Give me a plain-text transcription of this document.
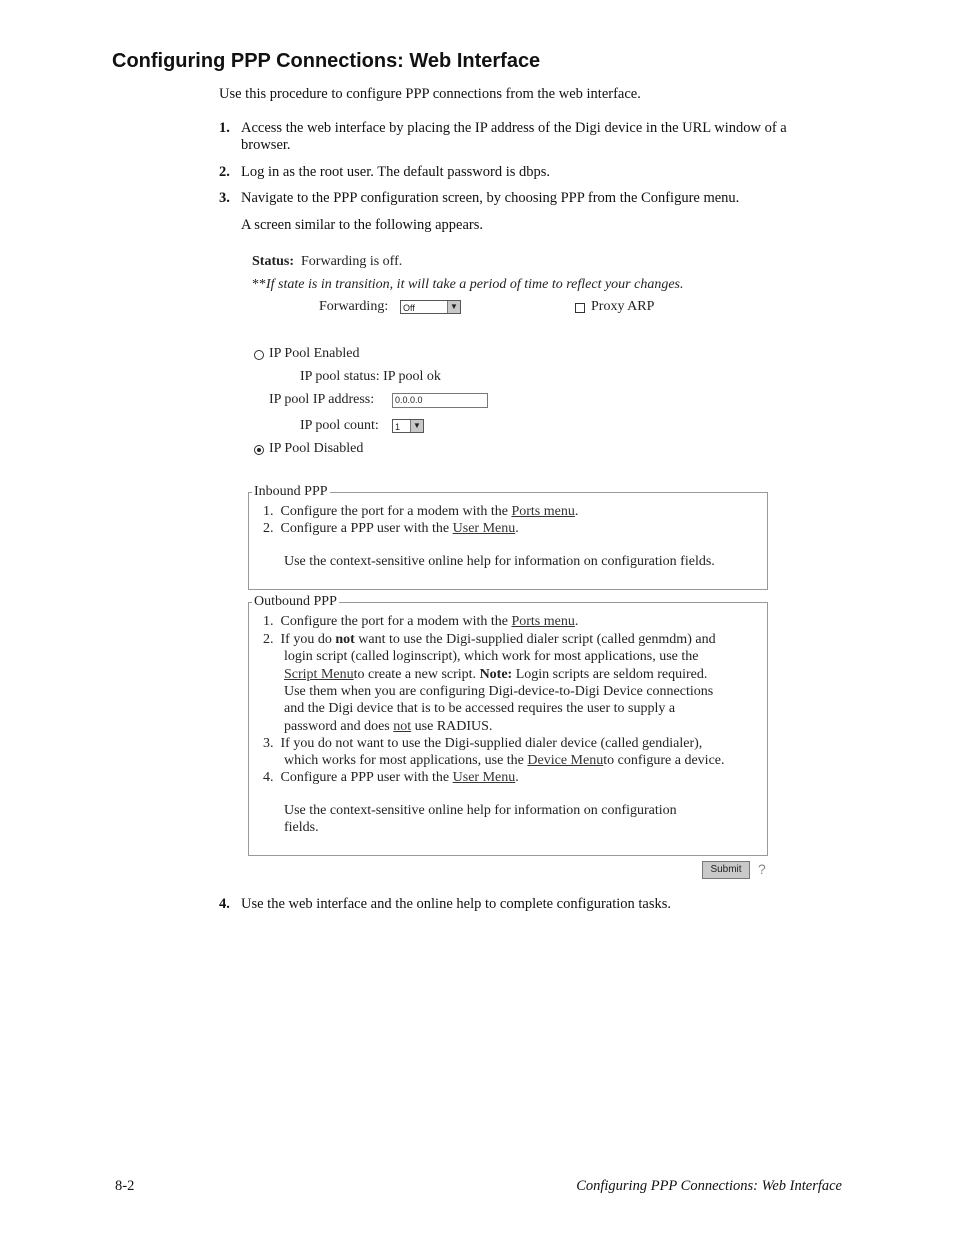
Configuring PPP Connections: Web Interface
Use this procedure to configure PPP connections from the web interface.
1. Access the web interface by placing the IP address of the Digi device in the URL window of a browser.
2. Log in as the root user. The default password is dbps.
3. Navigate to the PPP configuration screen, by choosing PPP from the Configure menu.
A screen similar to the following appears.
Status: Forwarding is off.
**If state is in transition, it will take a period of time to reflect your changes.
Forwarding:	Off	▼	Proxy ARP
IP Pool Enabled
IP pool status: IP pool ok
IP pool IP address:	0.0.0.0
IP pool count:	1	▼
IP Pool Disabled
Inbound PPP
1. Configure the port for a modem with the Ports menu.
2. Configure a PPP user with the User Menu.
Use the context-sensitive online help for information on configuration fields.
Outbound PPP
1. Configure the port for a modem with the Ports menu.
2. If you do not want to use the Digi-supplied dialer script (called genmdm) and
login script (called loginscript), which work for most applications, use the
Script Menuto create a new script. Note: Login scripts are seldom required.
Use them when you are configuring Digi-device-to-Digi Device connections
and the Digi device that is to be accessed requires the user to supply a
password and does not use RADIUS.
3. If you do not want to use the Digi-supplied dialer device (called gendialer),
which works for most applications, use the Device Menuto configure a device.
4. Configure a PPP user with the User Menu.
Use the context-sensitive online help for information on configuration
fields.
Submit	?
4. Use the web interface and the online help to complete configuration tasks.
8-2	Configuring PPP Connections: Web Interface
